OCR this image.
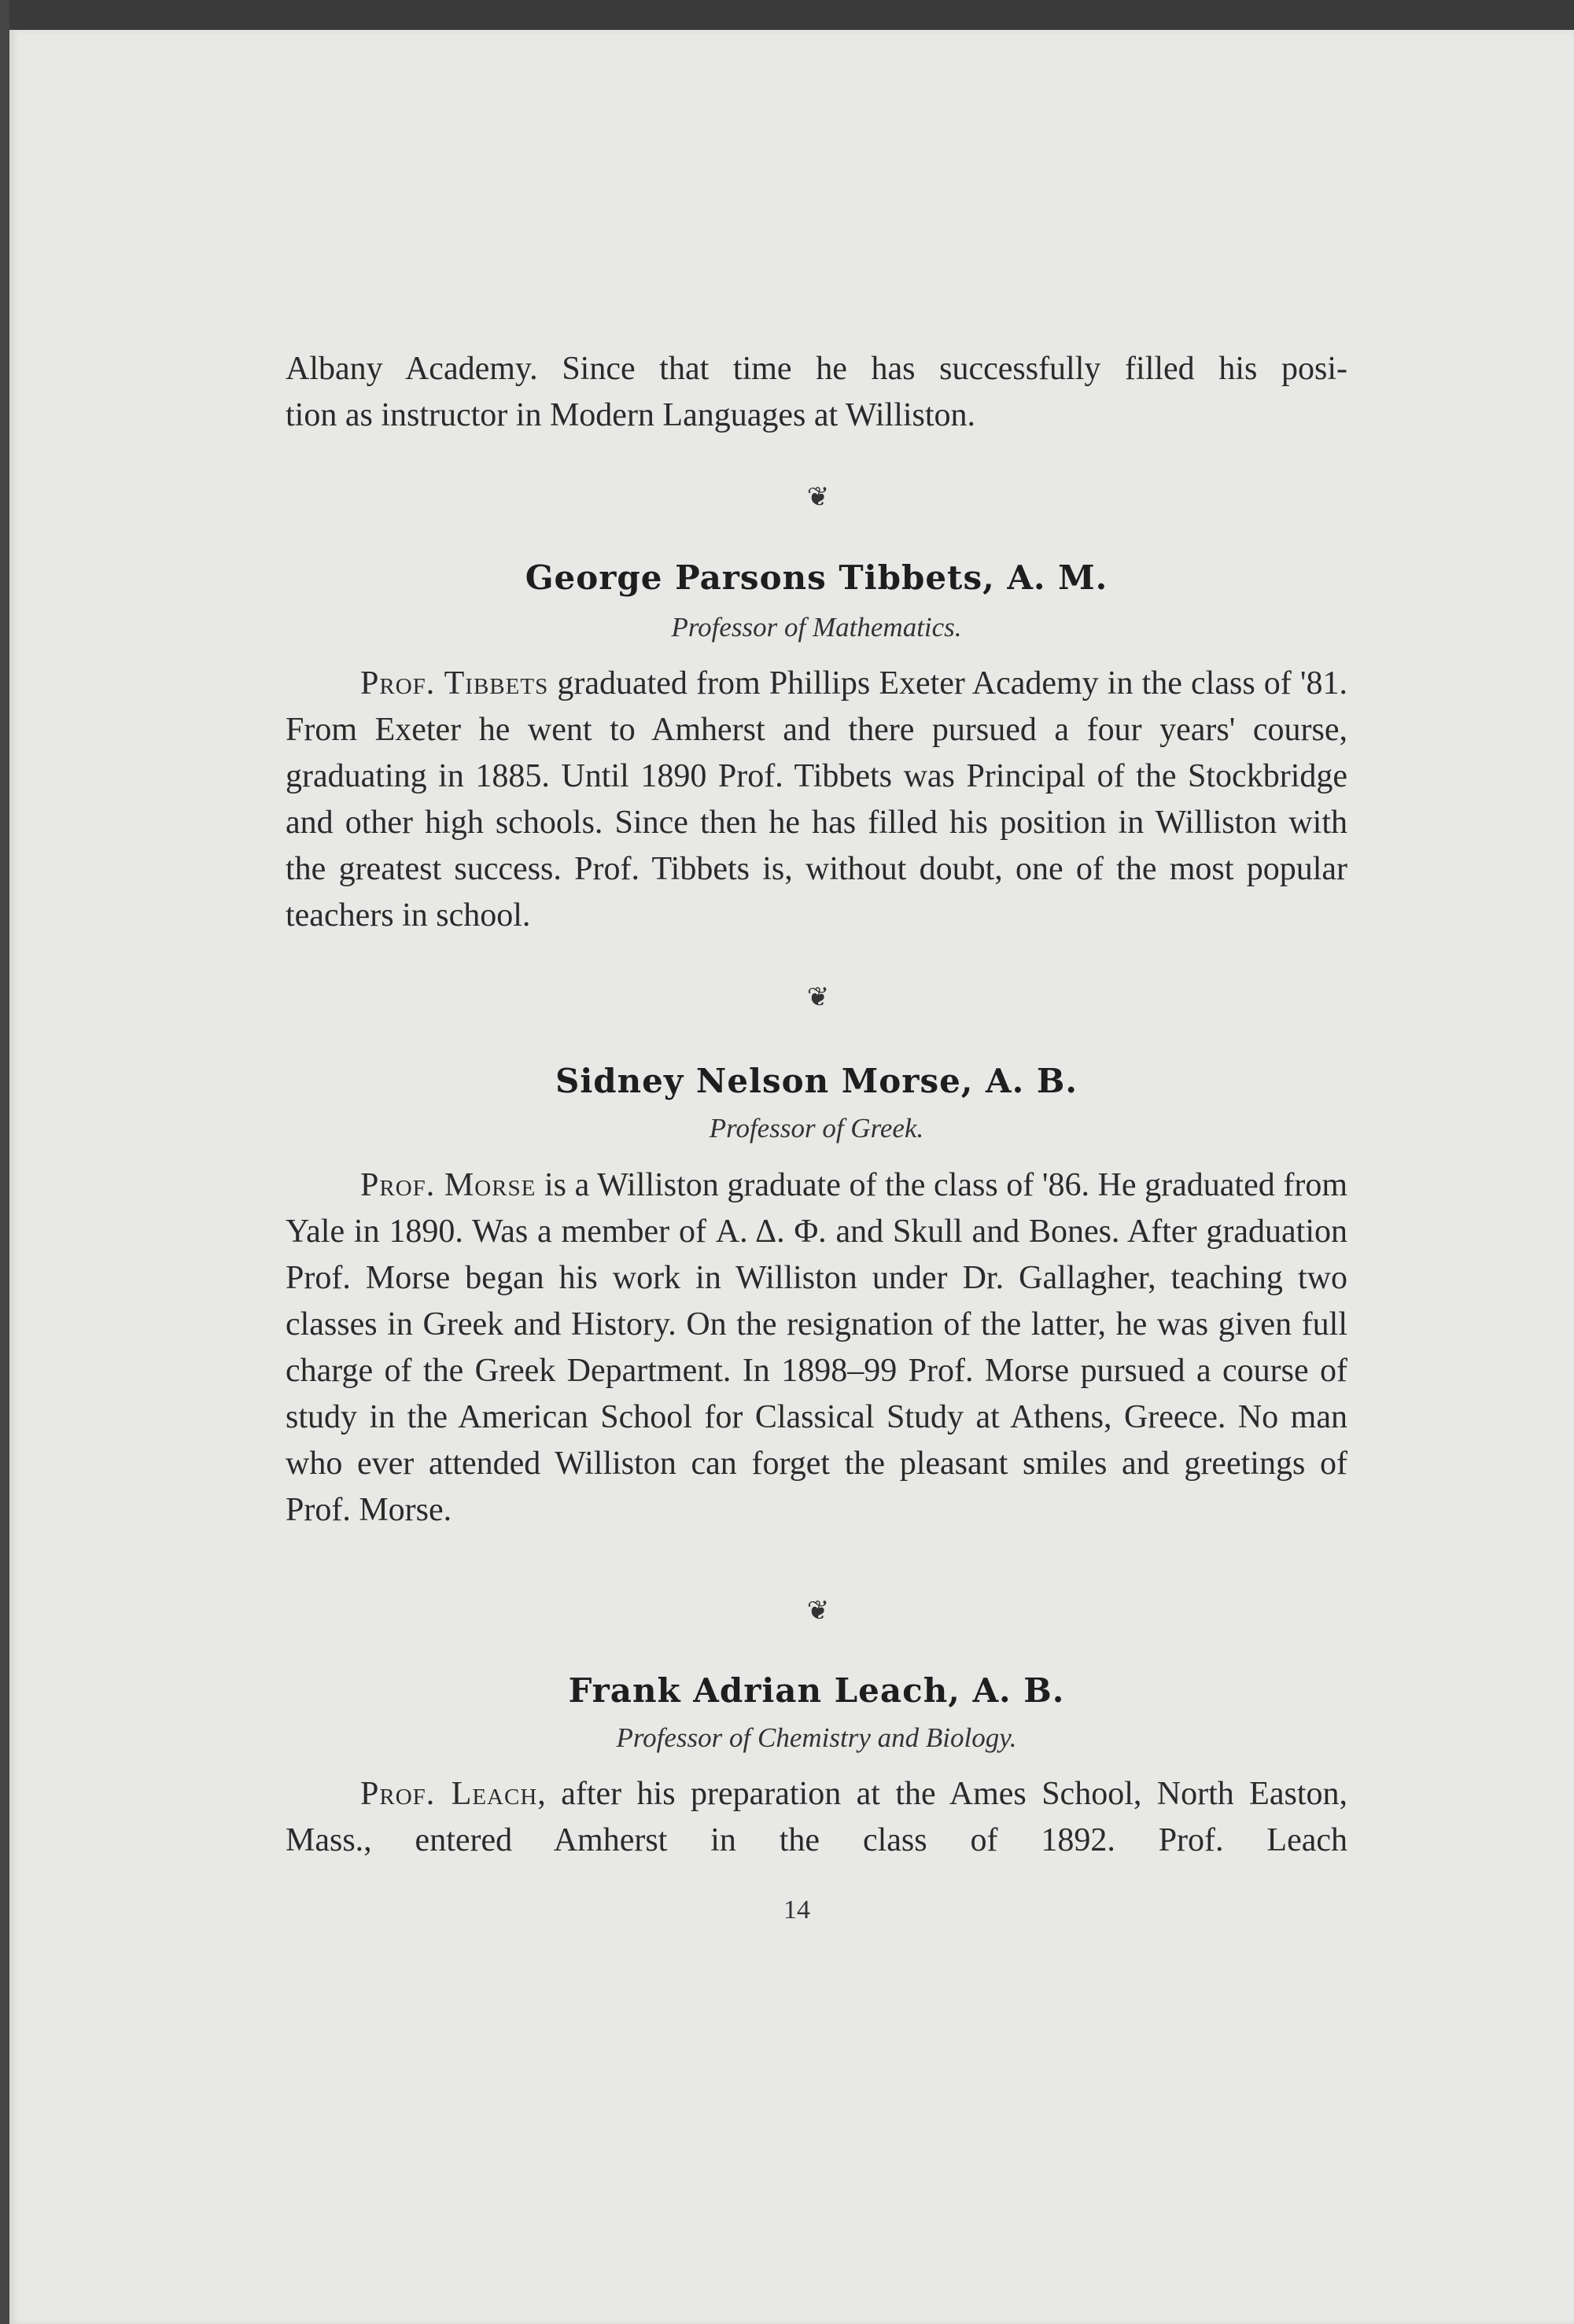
Albany Academy. Since that time he has successfully filled his posi-

tion as instructor in Modern Languages at Williston.

❦
George Parsons Tibbets, A. M.
Professor of Mathematics.

Prof. Tibbets graduated from Phillips Exeter Academy in the class of '81. From Exeter he went to Amherst and there pursued a four years' course, graduating in 1885. Until 1890 Prof. Tibbets was Principal of the Stockbridge and other high schools. Since then he has filled his position in Williston with the greatest success. Prof. Tibbets is, without doubt, one of the most popular teachers in school.

❦
Sidney Nelson Morse, A. B.
Professor of Greek.

Prof. Morse is a Williston graduate of the class of '86. He graduated from Yale in 1890. Was a member of Α. Δ. Φ. and Skull and Bones. After graduation Prof. Morse began his work in Williston under Dr. Gallagher, teaching two classes in Greek and History. On the resignation of the latter, he was given full charge of the Greek Department. In 1898–99 Prof. Morse pursued a course of study in the American School for Classical Study at Athens, Greece. No man who ever attended Williston can forget the pleasant smiles and greetings of Prof. Morse.

❦
Frank Adrian Leach, A. B.
Professor of Chemistry and Biology.

Prof. Leach, after his preparation at the Ames School, North Easton, Mass., entered Amherst in the class of 1892. Prof. Leach

14
